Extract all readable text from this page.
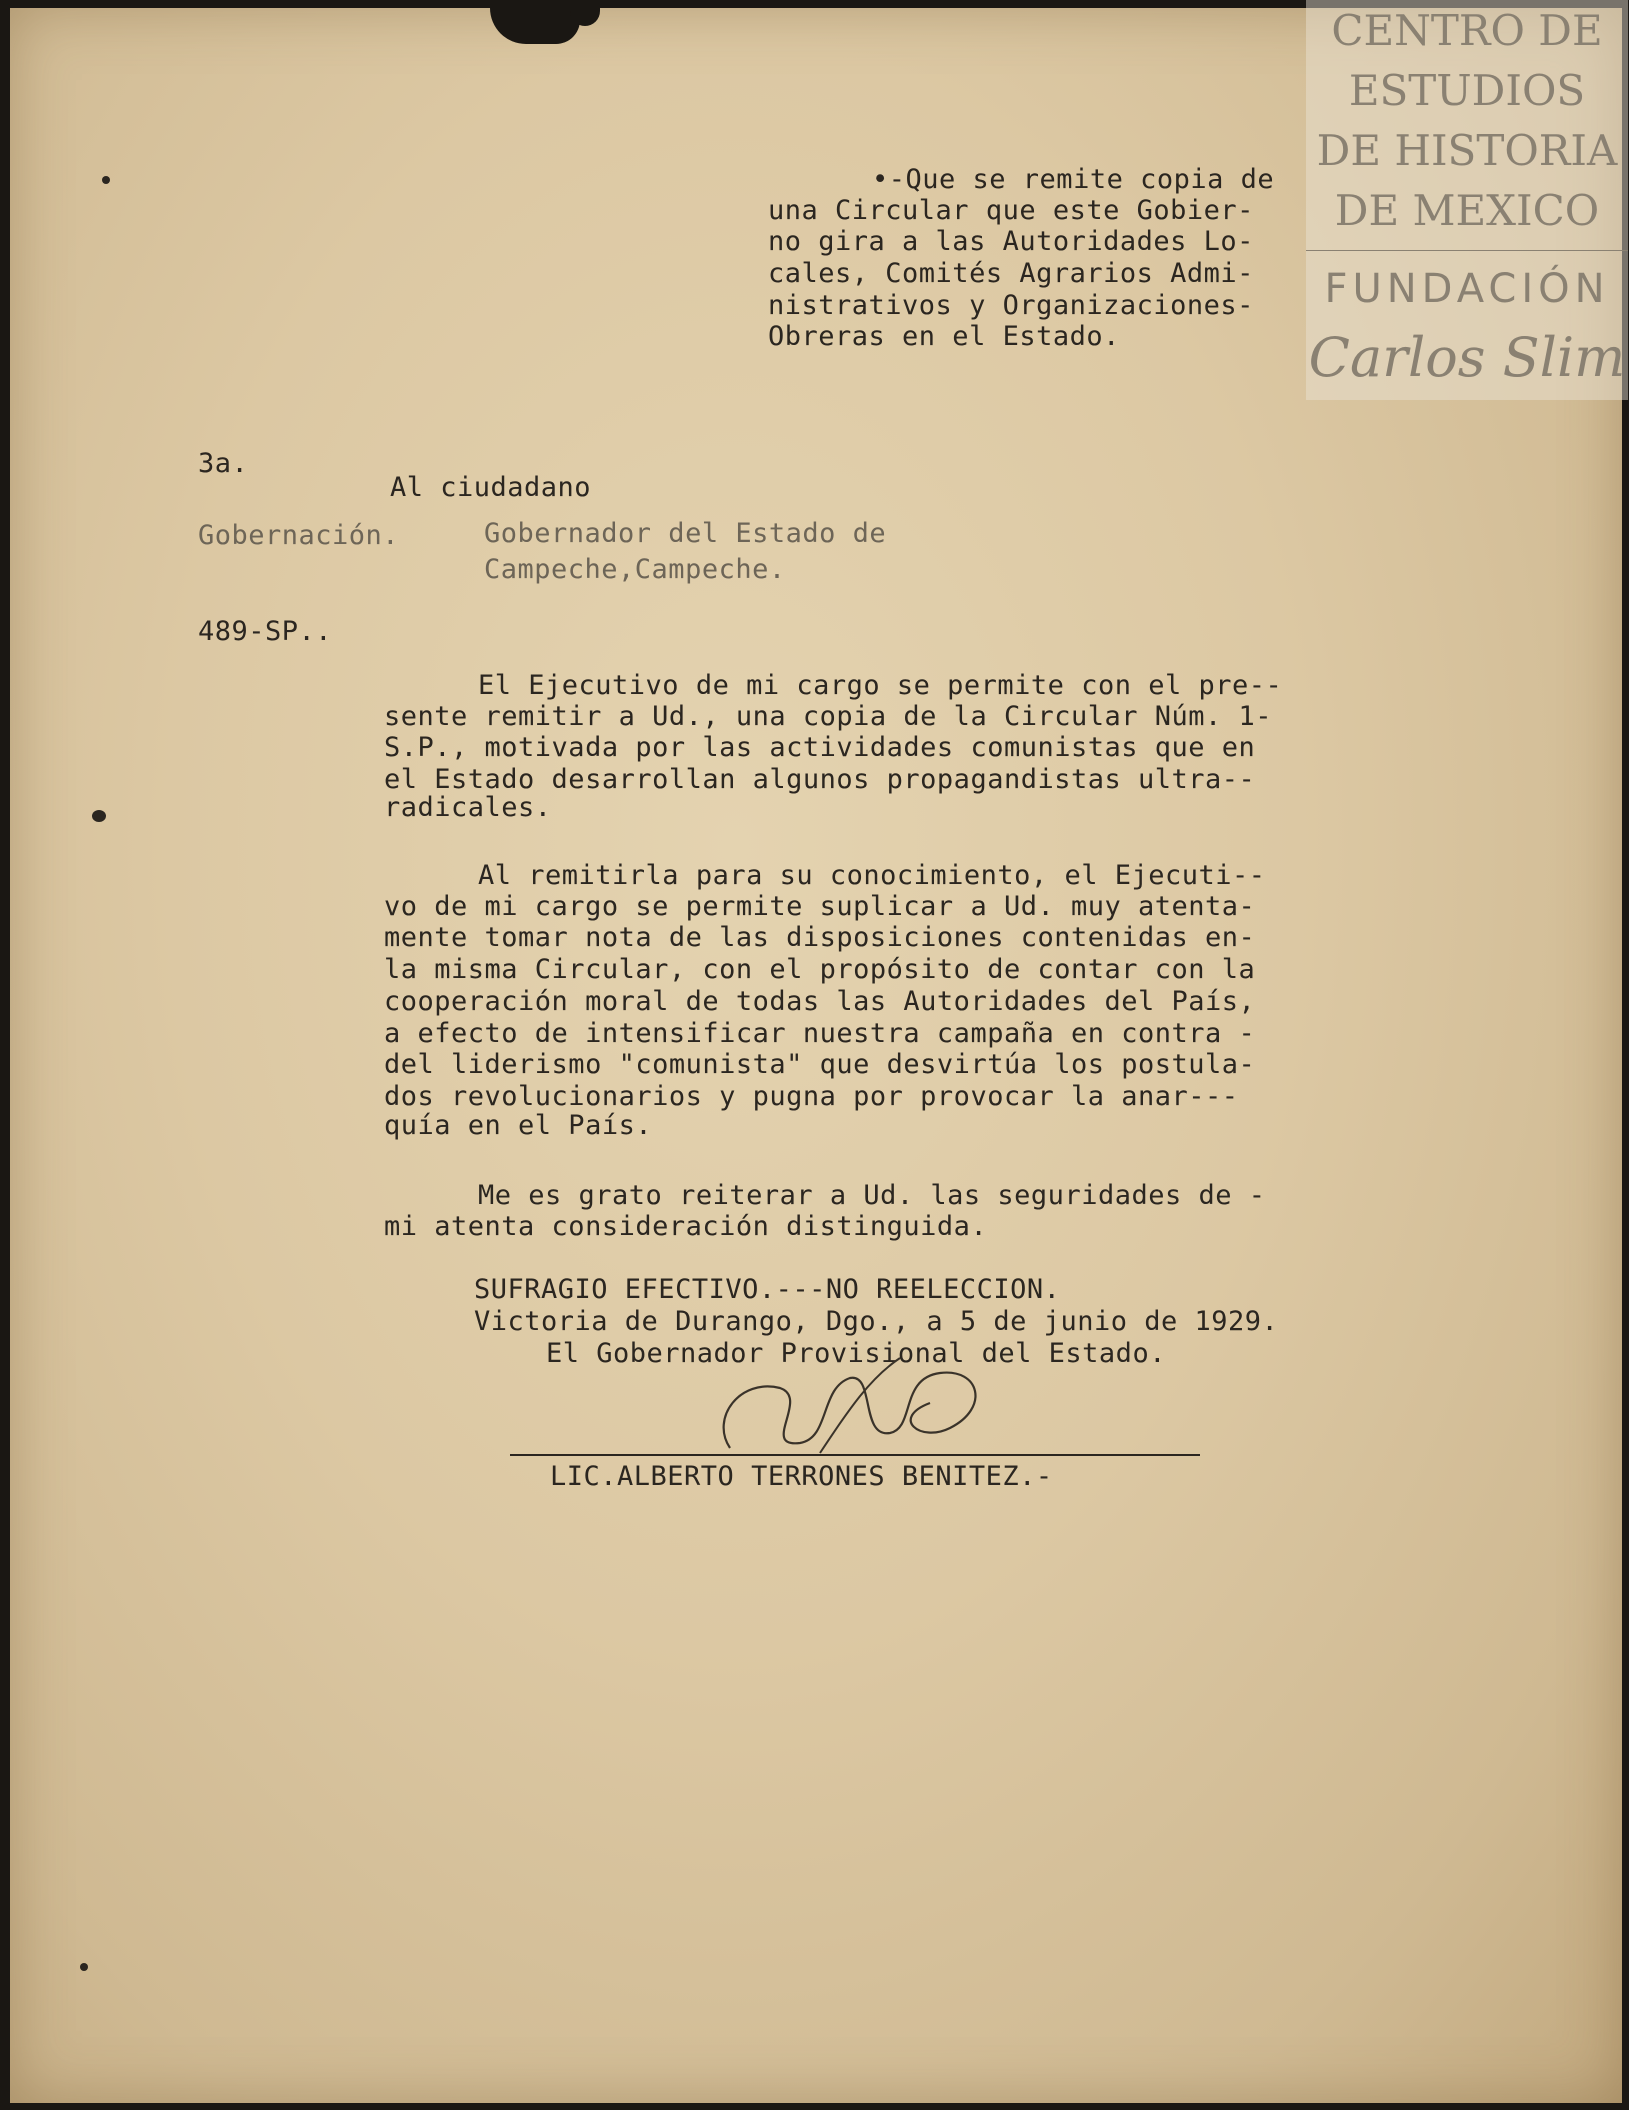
•-Que se remite copia de
una Circular que este Gobier-
no gira a las Autoridades Lo-
cales, Comités Agrarios Admi-
nistrativos y Organizaciones-
Obreras en el Estado.
3a.
Gobernación.
489-SP..
Al ciudadano
Gobernador del Estado de
Campeche,Campeche.
El Ejecutivo de mi cargo se permite con el pre--
sente remitir a Ud., una copia de la Circular Núm. 1-
S.P., motivada por las actividades comunistas que en
el Estado desarrollan algunos propagandistas ultra--
radicales.
Al remitirla para su conocimiento, el Ejecuti--
vo de mi cargo se permite suplicar a Ud. muy atenta-
mente tomar nota de las disposiciones contenidas en-
la misma Circular, con el propósito de contar con la
cooperación moral de todas las Autoridades del País,
a efecto de intensificar nuestra campaña en contra -
del liderismo "comunista" que desvirtúa los postula-
dos revolucionarios y pugna por provocar la anar---
quía en el País.
Me es grato reiterar a Ud. las seguridades de -
mi atenta consideración distinguida.
SUFRAGIO EFECTIVO.---NO REELECCION.
Victoria de Durango, Dgo., a 5 de junio de 1929.
El Gobernador Provisional del Estado.
LIC.ALBERTO TERRONES BENITEZ.-
CENTRO DE
ESTUDIOS
DE HISTORIA
DE MEXICO
FUNDACIÓN
Carlos Slim
